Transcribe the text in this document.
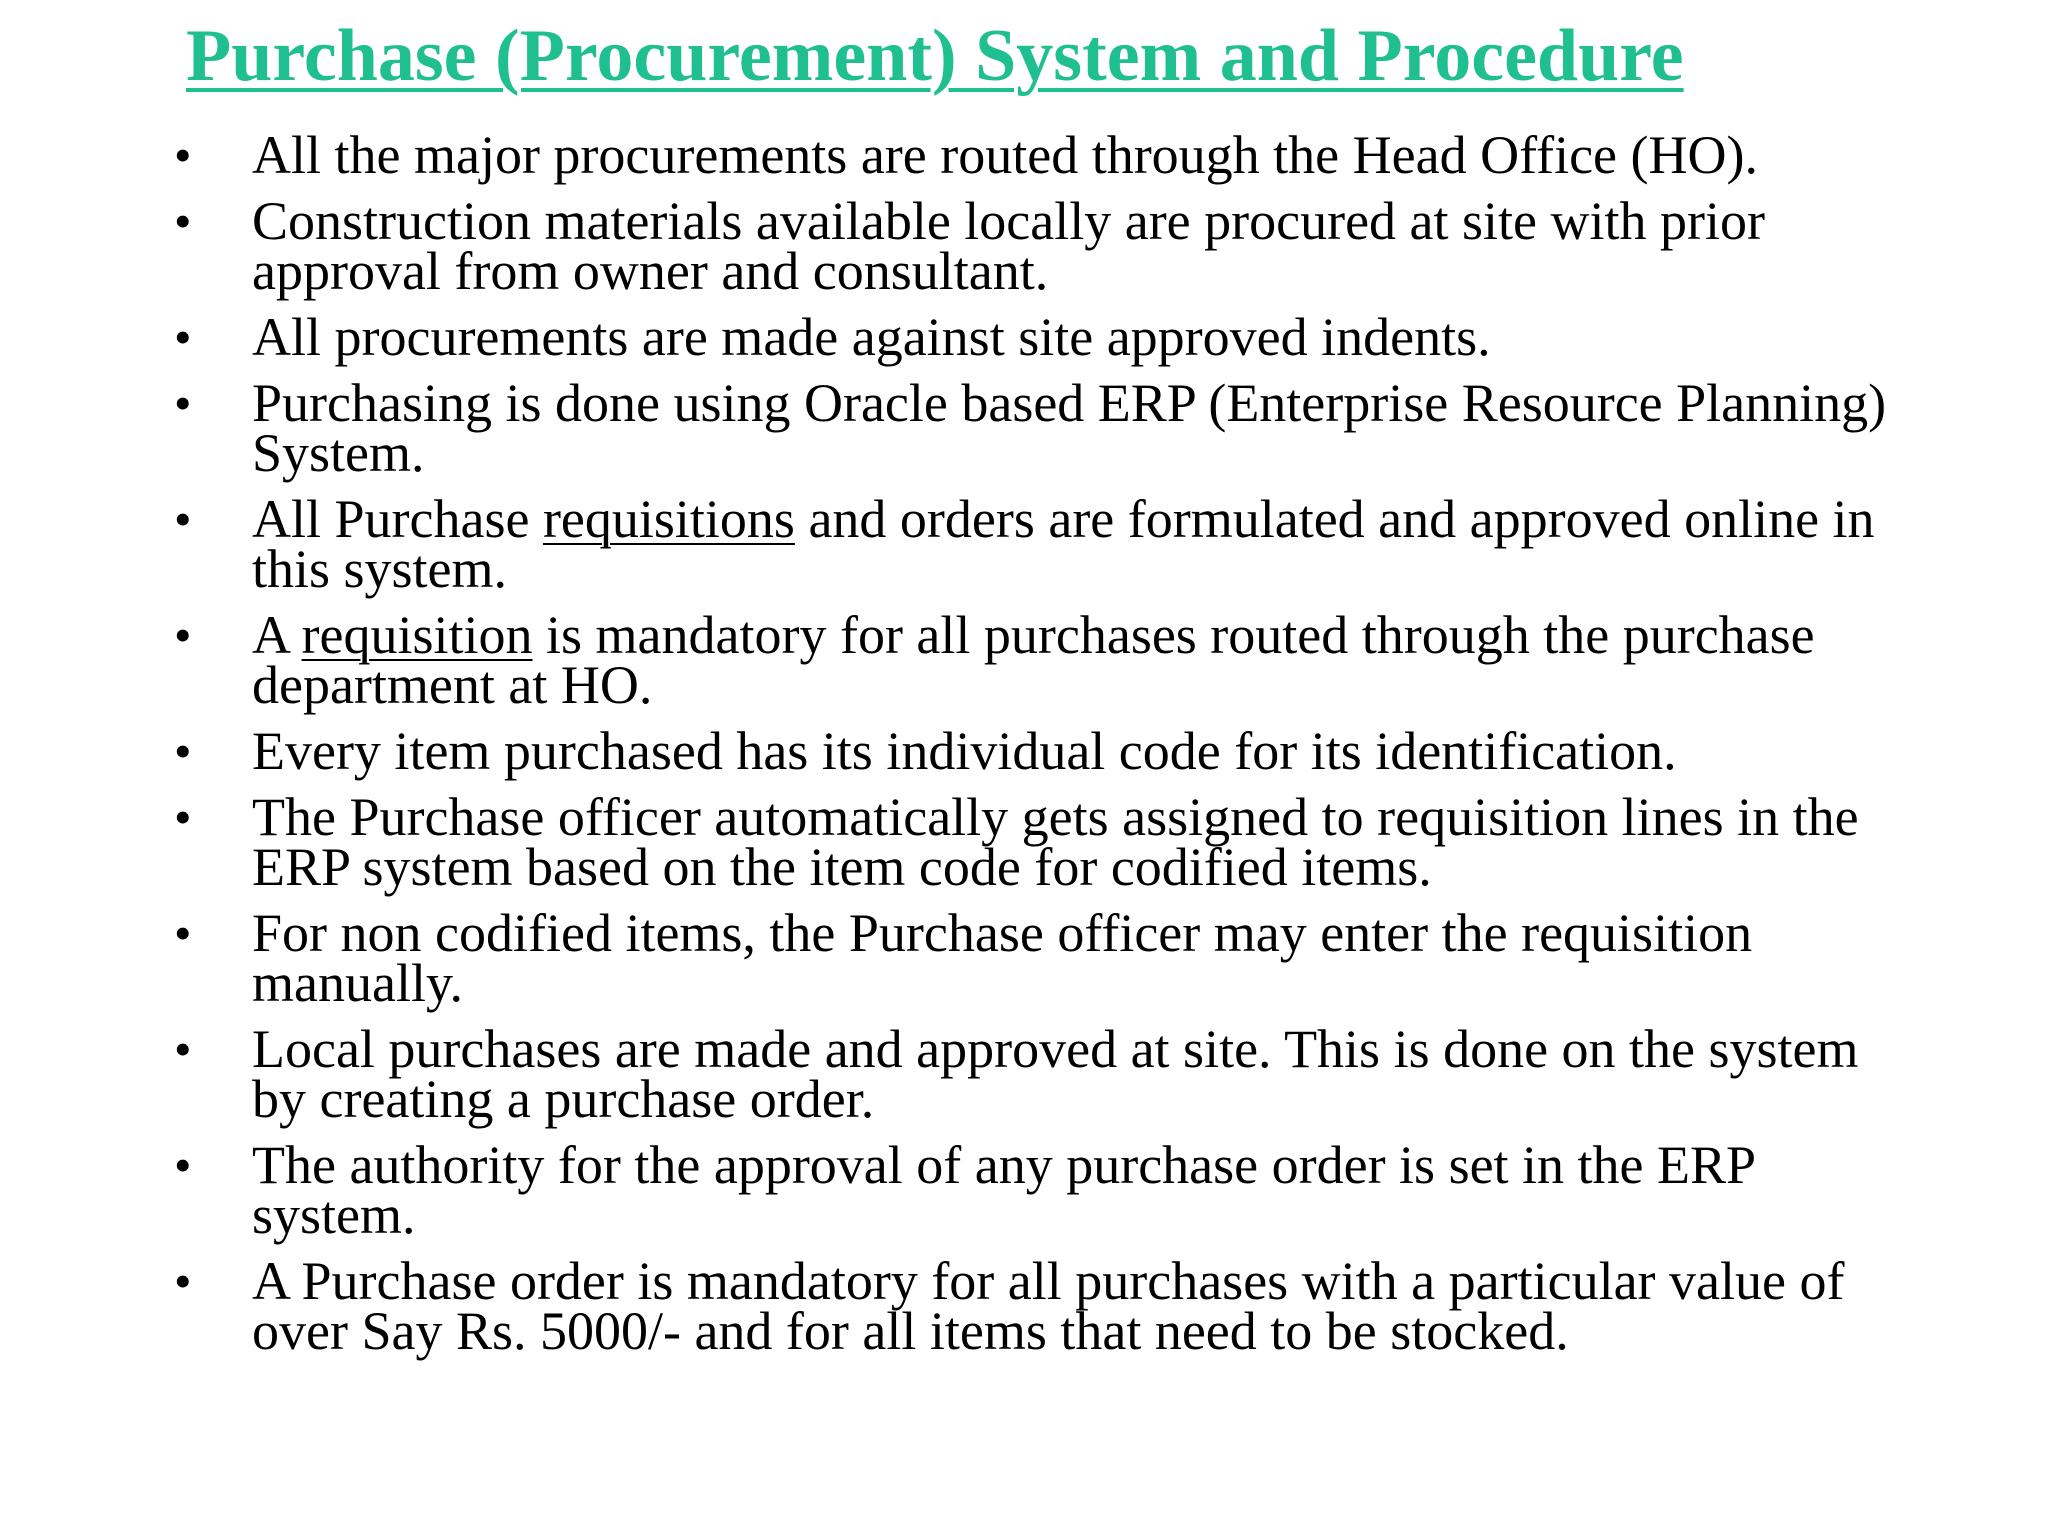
Purchase (Procurement) System and Procedure
• All the major procurements are routed through the Head Office (HO).
• Construction materials available locally are procured at site with prior approval from owner and consultant.
• All procurements are made against site approved indents.
• Purchasing is done using Oracle based ERP (Enterprise Resource Planning) System.
• All Purchase requisitions and orders are formulated and approved online in this system.
• A requisition is mandatory for all purchases routed through the purchase department at HO.
• Every item purchased has its individual code for its identification.
• The Purchase officer automatically gets assigned to requisition lines in the ERP system based on the item code for codified items.
• For non codified items, the Purchase officer may enter the requisition manually.
• Local purchases are made and approved at site. This is done on the system by creating a purchase order.
• The authority for the approval of any purchase order is set in the ERP system.
• A Purchase order is mandatory for all purchases with a particular value of over Say Rs. 5000/- and for all items that need to be stocked.
